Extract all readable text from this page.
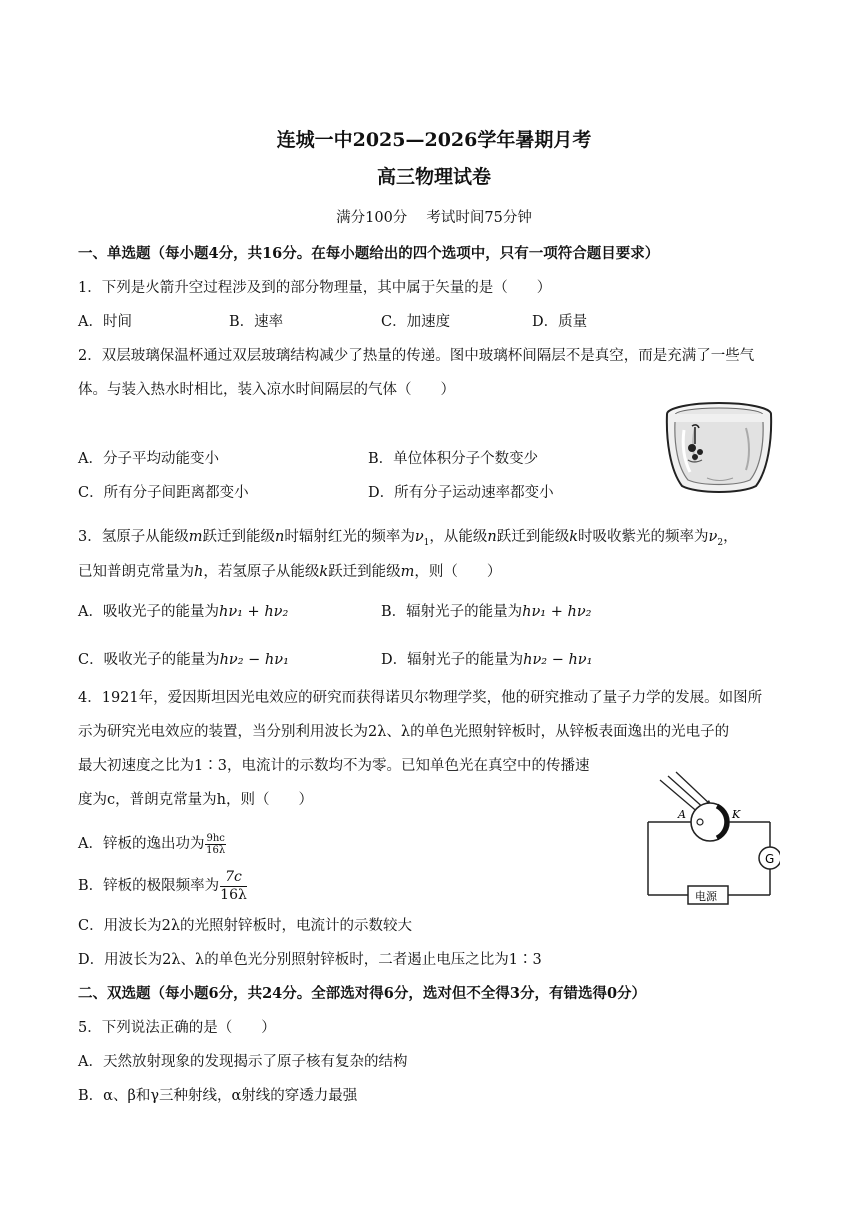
连城一中2025—2026学年暑期月考
高三物理试卷
满分100分　 考试时间75分钟
一、单选题（每小题4分，共16分。在每小题给出的四个选项中，只有一项符合题目要求）
1．下列是火箭升空过程涉及到的部分物理量，其中属于矢量的是（　　）
A．时间	B．速率	C．加速度	D．质量
2．双层玻璃保温杯通过双层玻璃结构减少了热量的传递。图中玻璃杯间隔层不是真空，而是充满了一些气
体。与装入热水时相比，装入凉水时间隔层的气体（　　）
A．分子平均动能变小	B．单位体积分子个数变少
C．所有分子间距离都变小	D．所有分子运动速率都变小
3．氢原子从能级m跃迁到能级n时辐射红光的频率为$\nu_1$，从能级n跃迁到能级k时吸收紫光的频率为$\nu_2$，
已知普朗克常量为h，若氢原子从能级k跃迁到能级m，则（　　）
A．吸收光子的能量为hν₁ + hν₂	B．辐射光子的能量为hν₁ + hν₂
C．吸收光子的能量为hν₂ − hν₁	D．辐射光子的能量为hν₂ − hν₁
4．1921年，爱因斯坦因光电效应的研究而获得诺贝尔物理学奖，他的研究推动了量子力学的发展。如图所
示为研究光电效应的装置，当分别利用波长为2λ、λ的单色光照射锌板时，从锌板表面逸出的光电子的
最大初速度之比为1∶3，电流计的示数均不为零。已知单色光在真空中的传播速
度为c，普朗克常量为h，则（　　）
A	K
G
电源
A．锌板的逸出功为 $\frac{9hc}{16\lambda}$
B．锌板的极限频率为 $\frac{7c}{16\lambda}$
C．用波长为2λ的光照射锌板时，电流计的示数较大
D．用波长为2λ、λ的单色光分别照射锌板时，二者遏止电压之比为1∶3
二、双选题（每小题6分，共24分。全部选对得6分，选对但不全得3分，有错选得0分）
5．下列说法正确的是（　　）
A．天然放射现象的发现揭示了原子核有复杂的结构
B．α、β和γ三种射线，α射线的穿透力最强
